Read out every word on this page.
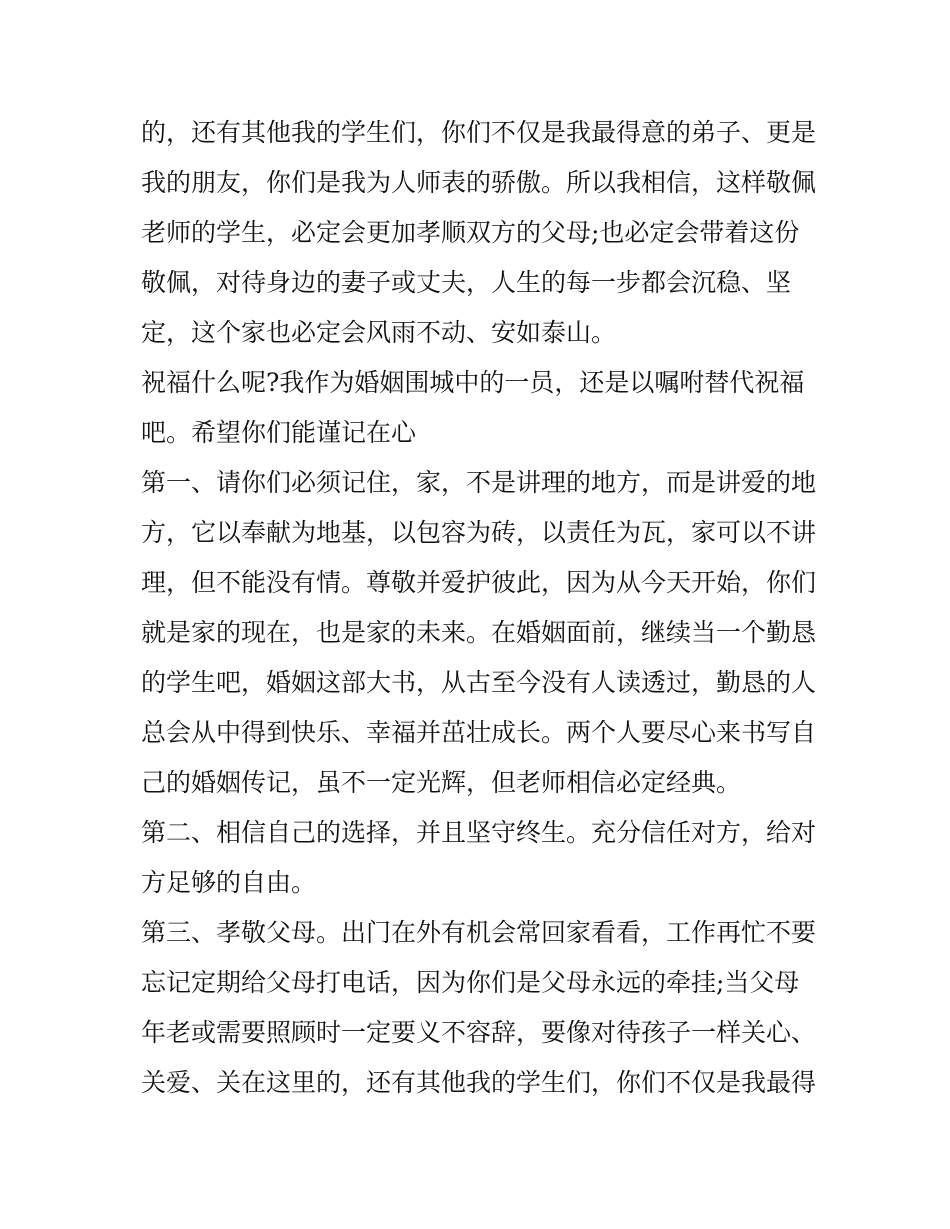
的，还有其他我的学生们，你们不仅是我最得意的弟子、更是
我的朋友，你们是我为人师表的骄傲。所以我相信，这样敬佩
老师的学生，必定会更加孝顺双方的父母;也必定会带着这份
敬佩，对待身边的妻子或丈夫，人生的每一步都会沉稳、坚
定，这个家也必定会风雨不动、安如泰山。
祝福什么呢?我作为婚姻围城中的一员，还是以嘱咐替代祝福
吧。希望你们能谨记在心
第一、请你们必须记住，家，不是讲理的地方，而是讲爱的地
方，它以奉献为地基，以包容为砖，以责任为瓦，家可以不讲
理，但不能没有情。尊敬并爱护彼此，因为从今天开始，你们
就是家的现在，也是家的未来。在婚姻面前，继续当一个勤恳
的学生吧，婚姻这部大书，从古至今没有人读透过，勤恳的人
总会从中得到快乐、幸福并茁壮成长。两个人要尽心来书写自
己的婚姻传记，虽不一定光辉，但老师相信必定经典。
第二、相信自己的选择，并且坚守终生。充分信任对方，给对
方足够的自由。
第三、孝敬父母。出门在外有机会常回家看看，工作再忙不要
忘记定期给父母打电话，因为你们是父母永远的牵挂;当父母
年老或需要照顾时一定要义不容辞，要像对待孩子一样关心、
关爱、关在这里的，还有其他我的学生们，你们不仅是我最得
